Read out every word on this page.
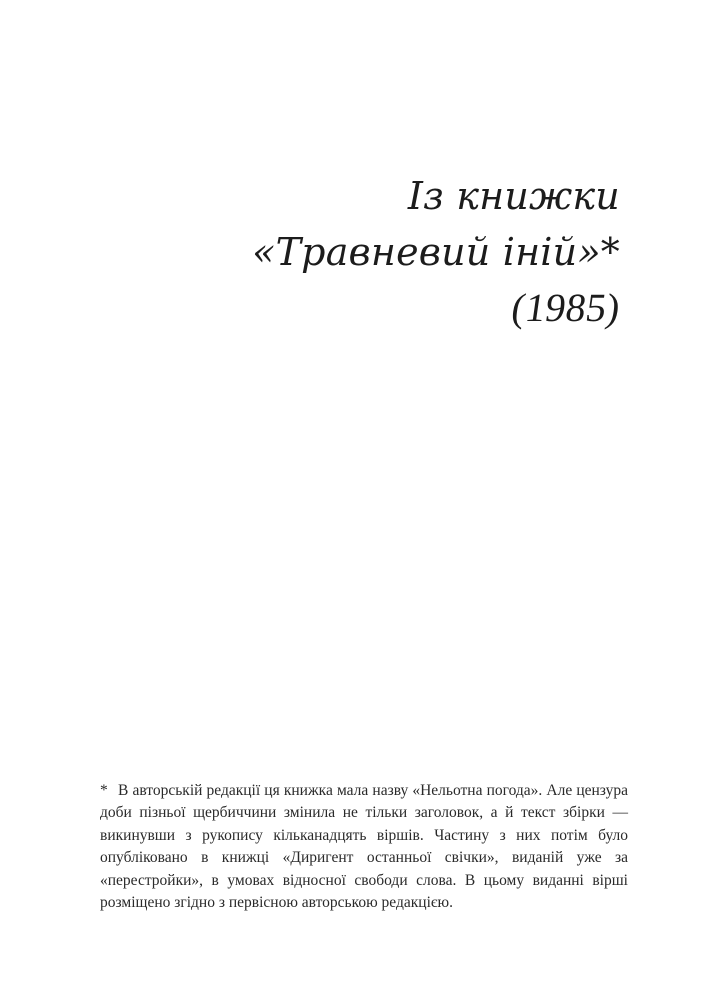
Із книжки
«Травневий іній»*
(1985)
* В авторській редакції ця книжка мала назву «Нельотна погода». Але цензура доби пізньої щербиччини змінила не тільки заголовок, а й текст збірки — викинувши з рукопису кільканадцять віршів. Частину з них потім було опубліковано в книжці «Диригент останньої свічки», виданій уже за «перестройки», в умовах відносної свободи слова. В цьому виданні вірші розміщено згідно з первісною авторською редакцією.
